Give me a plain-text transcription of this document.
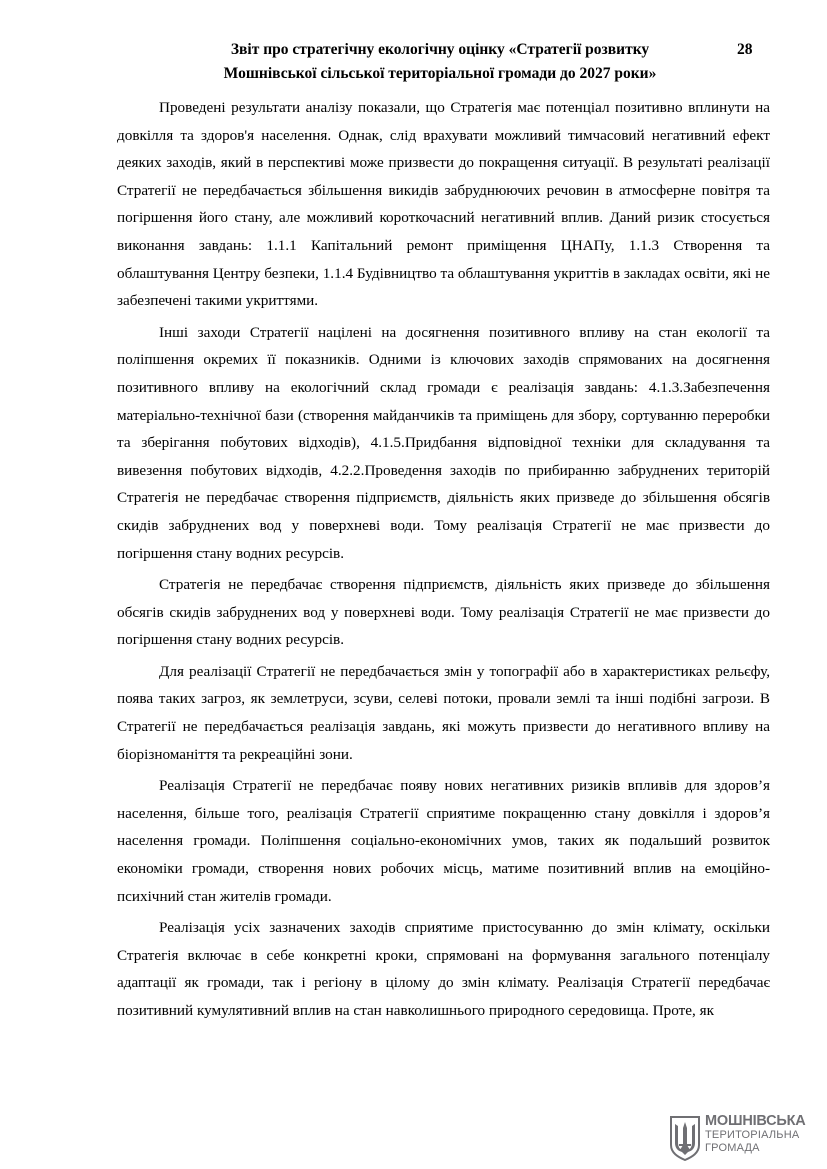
Звіт про стратегічну екологічну оцінку «Стратегії розвитку
Мошнівської сільської територіальної громади до 2027 роки»
28

Проведені результати аналізу показали, що Стратегія має потенціал позитивно вплинути на довкілля та здоров'я населення. Однак, слід врахувати можливий тимчасовий негативний ефект деяких заходів, який в перспективі може призвести до покращення ситуації. В результаті реалізації Стратегії не передбачається збільшення викидів забруднюючих речовин в атмосферне повітря та погіршення його стану, але можливий короткочасний негативний вплив. Даний ризик стосується виконання завдань: 1.1.1 Капітальний ремонт приміщення ЦНАПу, 1.1.3 Створення та облаштування Центру безпеки, 1.1.4 Будівництво та облаштування укриттів в закладах освіти, які не забезпечені такими укриттями.

Інші заходи Стратегії націлені на досягнення позитивного впливу на стан екології та поліпшення окремих її показників. Одними із ключових заходів спрямованих на досягнення позитивного впливу на екологічний склад громади є реалізація завдань: 4.1.3.Забезпечення матеріально-технічної бази (створення майданчиків та приміщень для збору, сортуванню переробки та зберігання побутових відходів), 4.1.5.Придбання відповідної техніки для складування та вивезення побутових відходів, 4.2.2.Проведення заходів по прибиранню забруднених територій Стратегія не передбачає створення підприємств, діяльність яких призведе до збільшення обсягів скидів забруднених вод у поверхневі води. Тому реалізація Стратегії не має призвести до погіршення стану водних ресурсів.

Стратегія не передбачає створення підприємств, діяльність яких призведе до збільшення обсягів скидів забруднених вод у поверхневі води. Тому реалізація Стратегії не має призвести до погіршення стану водних ресурсів.

Для реалізації Стратегії не передбачається змін у топографії або в характеристиках рельєфу, поява таких загроз, як землетруси, зсуви, селеві потоки, провали землі та інші подібні загрози. В Стратегії не передбачається реалізація завдань, які можуть призвести до негативного впливу на біорізноманіття та рекреаційні зони.

Реалізація Стратегії не передбачає появу нових негативних ризиків впливів для здоров’я населення, більше того, реалізація Стратегії сприятиме покращенню стану довкілля і здоров’я населення громади. Поліпшення соціально-економічних умов, таких як подальший розвиток економіки громади, створення нових робочих місць, матиме позитивний вплив на емоційно-психічний стан жителів громади.

Реалізація усіх зазначених заходів сприятиме пристосуванню до змін клімату, оскільки Стратегія включає в себе конкретні кроки, спрямовані на формування загального потенціалу адаптації як громади, так і регіону в цілому до змін клімату. Реалізація Стратегії передбачає позитивний кумулятивний вплив на стан навколишнього природного середовища. Проте, як

МОШНІВСЬКА
ТЕРИТОРІАЛЬНА
ГРОМАДА
